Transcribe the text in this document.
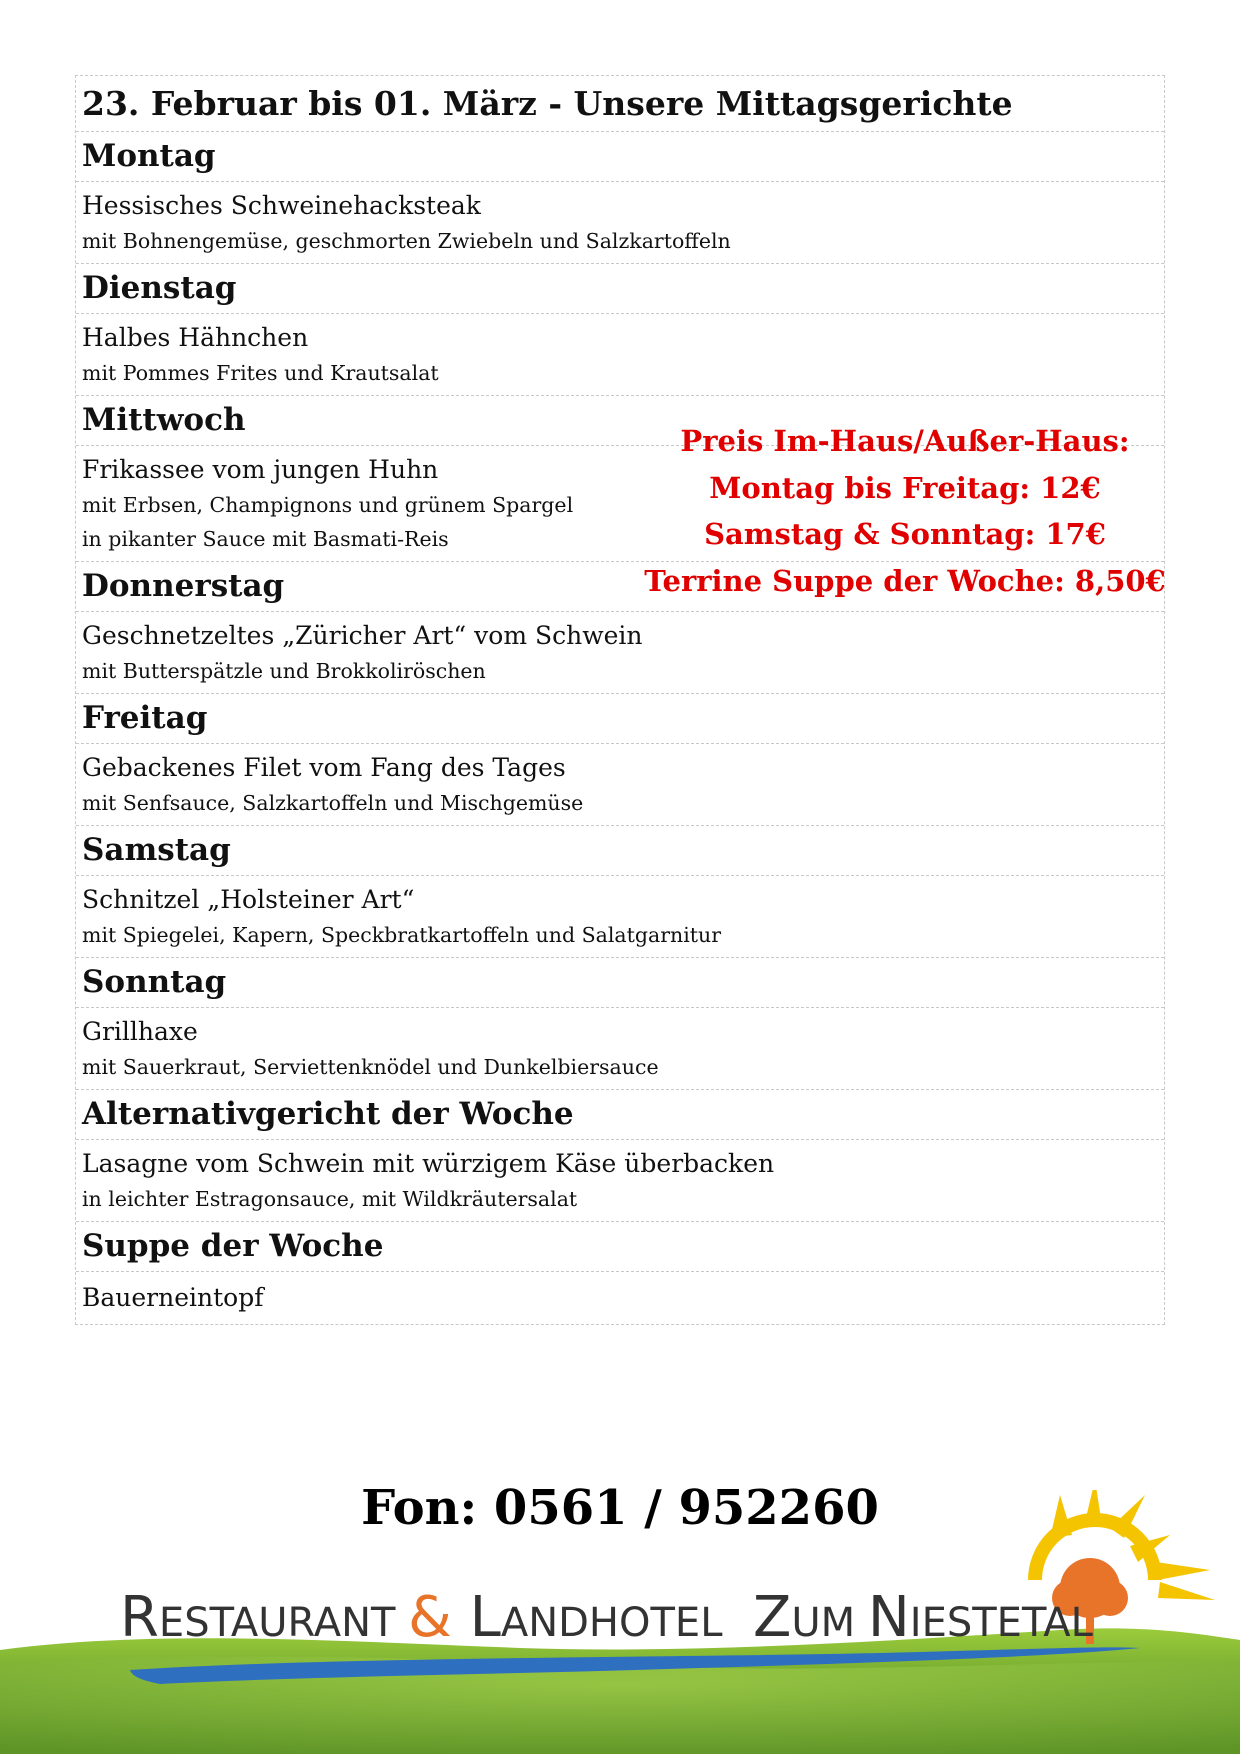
23. Februar bis 01. März - Unsere Mittagsgerichte
Montag
Hessisches Schweinehacksteak
mit Bohnengemüse, geschmorten Zwiebeln und Salzkartoffeln
Dienstag
Halbes Hähnchen
mit Pommes Frites und Krautsalat
Mittwoch
Frikassee vom jungen Huhn
mit Erbsen, Champignons und grünem Spargel
in pikanter Sauce mit Basmati-Reis
Donnerstag
Geschnetzeltes „Züricher Art“ vom Schwein
mit Butterspätzle und Brokkoliröschen
Freitag
Gebackenes Filet vom Fang des Tages
mit Senfsauce, Salzkartoffeln und Mischgemüse
Samstag
Schnitzel „Holsteiner Art“
mit Spiegelei, Kapern, Speckbratkartoffeln und Salatgarnitur
Sonntag
Grillhaxe
mit Sauerkraut, Serviettenknödel und Dunkelbiersauce
Alternativgericht der Woche
Lasagne vom Schwein mit würzigem Käse überbacken
in leichter Estragonsauce, mit Wildkräutersalat
Suppe der Woche
Bauerneintopf
Preis Im-Haus/Außer-Haus:
Montag bis Freitag: 12€
Samstag & Sonntag: 17€
Terrine Suppe der Woche: 8,50€
Fon: 0561 / 952260
RESTAURANT & LANDHOTEL  ZUM NIESTETAL
